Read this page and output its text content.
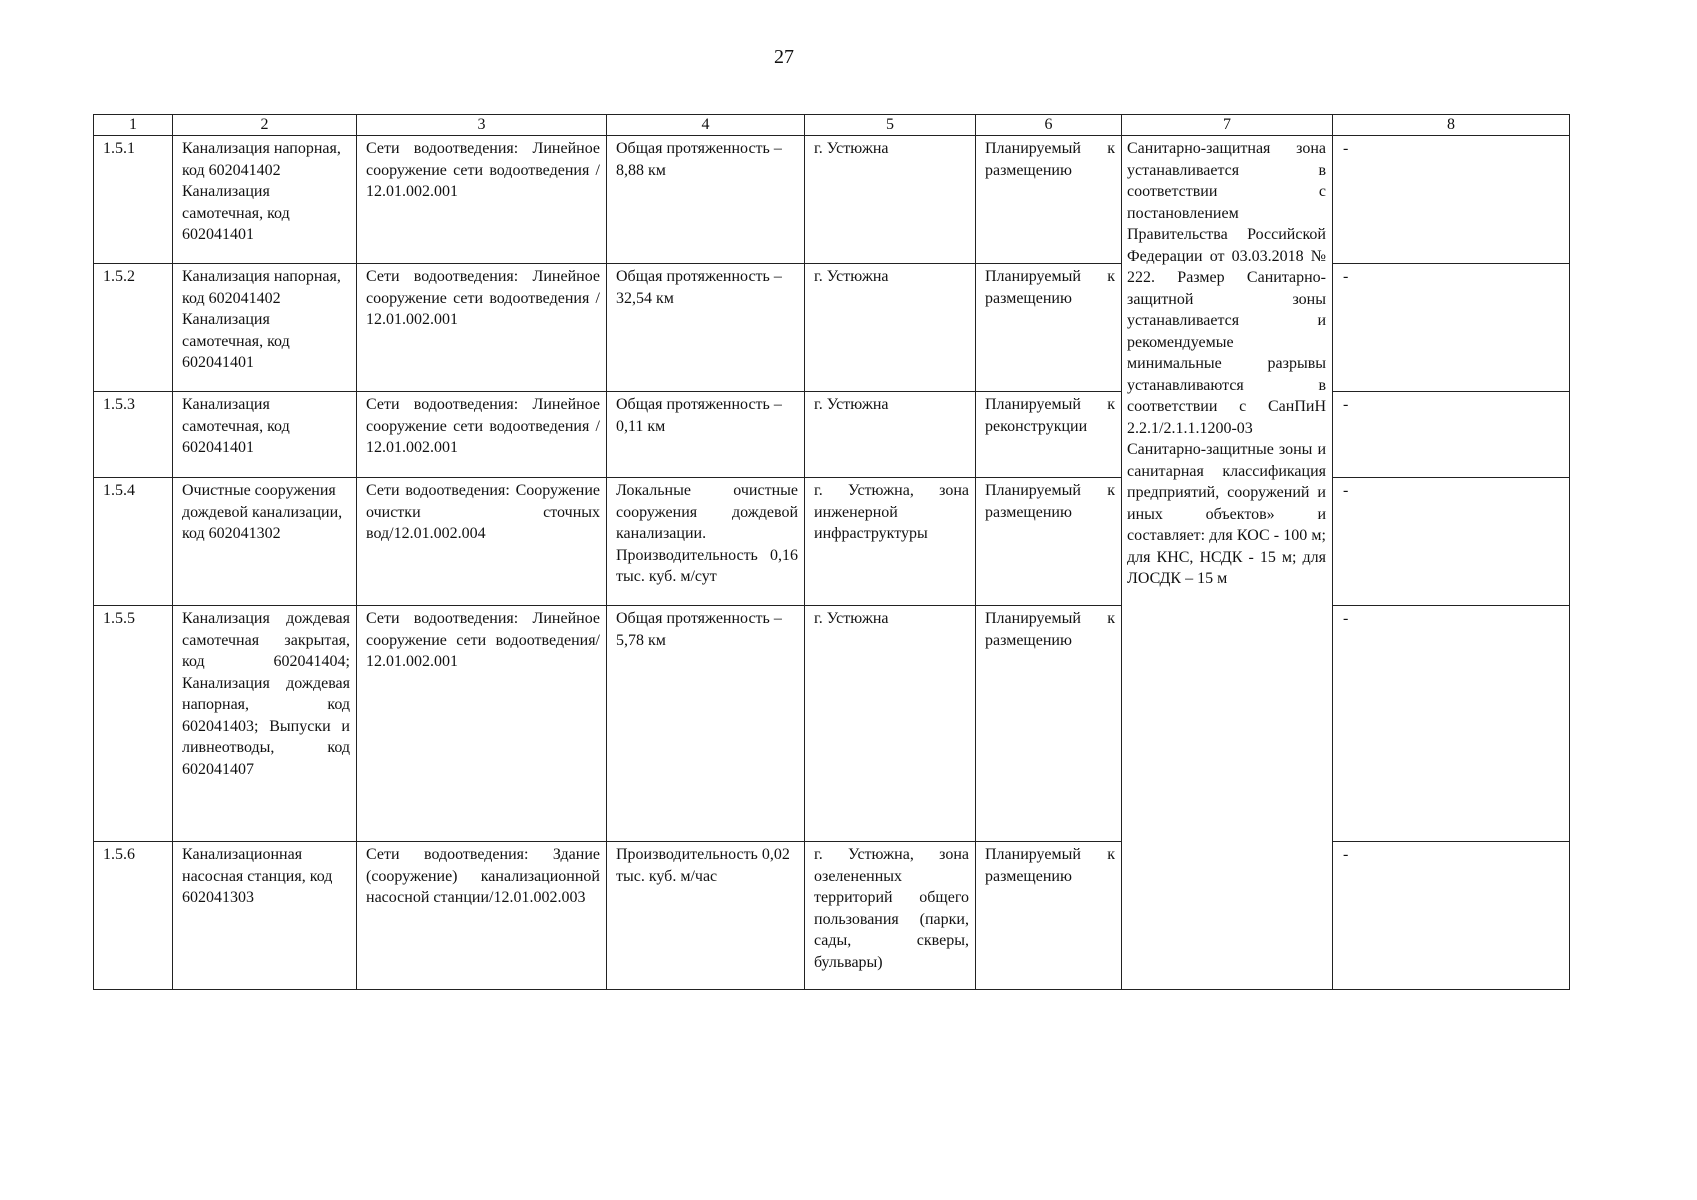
27
1	2	3	4	5	6	7	8
1.5.1	Канализация напорная, код 602041402 Канализация самотечная, код 602041401	Сети водоотведения: Линейное сооружение сети водоотведения / 12.01.002.001	Общая протяженность – 8,88 км	г. Устюжна	Планируемый к размещению	Санитарно-защитная зона устанавливается в соответствии с постановлением Правительства Российской Федерации от 03.03.2018 № 222. Размер Санитарно-защитной зоны устанавливается и рекомендуемые минимальные разрывы устанавливаются в соответствии с СанПиН 2.2.1/2.1.1.1200-03 Санитарно-защитные зоны и санитарная классификация предприятий, сооружений и иных объектов» и составляет: для КОС - 100 м; для КНС, НСДК - 15 м; для ЛОСДК – 15 м	-
1.5.2	Канализация напорная, код 602041402 Канализация самотечная, код 602041401	Сети водоотведения: Линейное сооружение сети водоотведения / 12.01.002.001	Общая протяженность – 32,54 км	г. Устюжна	Планируемый к размещению		-
1.5.3	Канализация самотечная, код 602041401	Сети водоотведения: Линейное сооружение сети водоотведения / 12.01.002.001	Общая протяженность – 0,11 км	г. Устюжна	Планируемый к реконструкции		-
1.5.4	Очистные сооружения дождевой канализации, код 602041302	Сети водоотведения: Сооружение очистки сточных вод/12.01.002.004	Локальные очистные сооружения дождевой канализации. Производительность 0,16 тыс. куб. м/сут	г. Устюжна, зона инженерной инфраструктуры	Планируемый к размещению		-
1.5.5	Канализация дождевая самотечная закрытая, код 602041404; Канализация дождевая напорная, код 602041403; Выпуски и ливнеотводы, код 602041407	Сети водоотведения: Линейное сооружение сети водоотведения/ 12.01.002.001	Общая протяженность – 5,78 км	г. Устюжна	Планируемый к размещению		-
1.5.6	Канализационная насосная станция, код 602041303	Сети водоотведения: Здание (сооружение) канализационной насосной станции/12.01.002.003	Производительность 0,02 тыс. куб. м/час	г. Устюжна, зона озелененных территорий общего пользования (парки, сады, скверы, бульвары)	Планируемый к размещению		-
